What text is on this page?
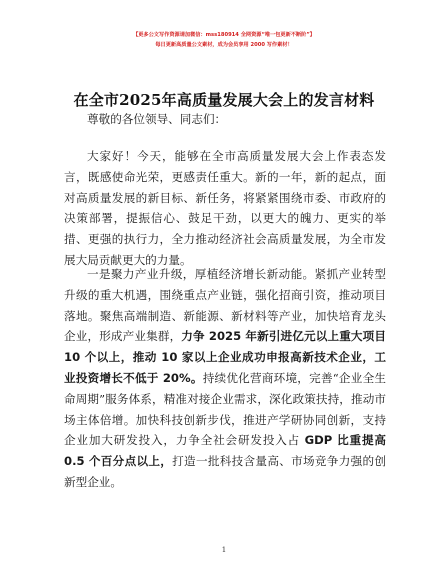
【更多公文写作资源请加微信：mss180914 全网资源“唯一包更新不断阶”】
每日更新高质量公文素材，成为会员享用 2000 写作素材！
在全市2025年高质量发展大会上的发言材料
尊敬的各位领导、同志们：
大家好！今天，能够在全市高质量发展大会上作表态发言，既感使命光荣，更感责任重大。新的一年，新的起点，面对高质量发展的新目标、新任务，将紧紧围绕市委、市政府的决策部署，提振信心、鼓足干劲，以更大的魄力、更实的举措、更强的执行力，全力推动经济社会高质量发展，为全市发展大局贡献更大的力量。
一是聚力产业升级，厚植经济增长新动能。紧抓产业转型升级的重大机遇，围绕重点产业链，强化招商引资，推动项目落地。聚焦高端制造、新能源、新材料等产业，加快培育龙头企业，形成产业集群，力争 2025 年新引进亿元以上重大项目 10 个以上，推动 10 家以上企业成功申报高新技术企业，工业投资增长不低于 20%。持续优化营商环境，完善“企业全生命周期”服务体系，精准对接企业需求，深化政策扶持，推动市场主体倍增。加快科技创新步伐，推进产学研协同创新，支持企业加大研发投入，力争全社会研发投入占 GDP 比重提高 0.5 个百分点以上，打造一批科技含量高、市场竞争力强的创新型企业。
1
